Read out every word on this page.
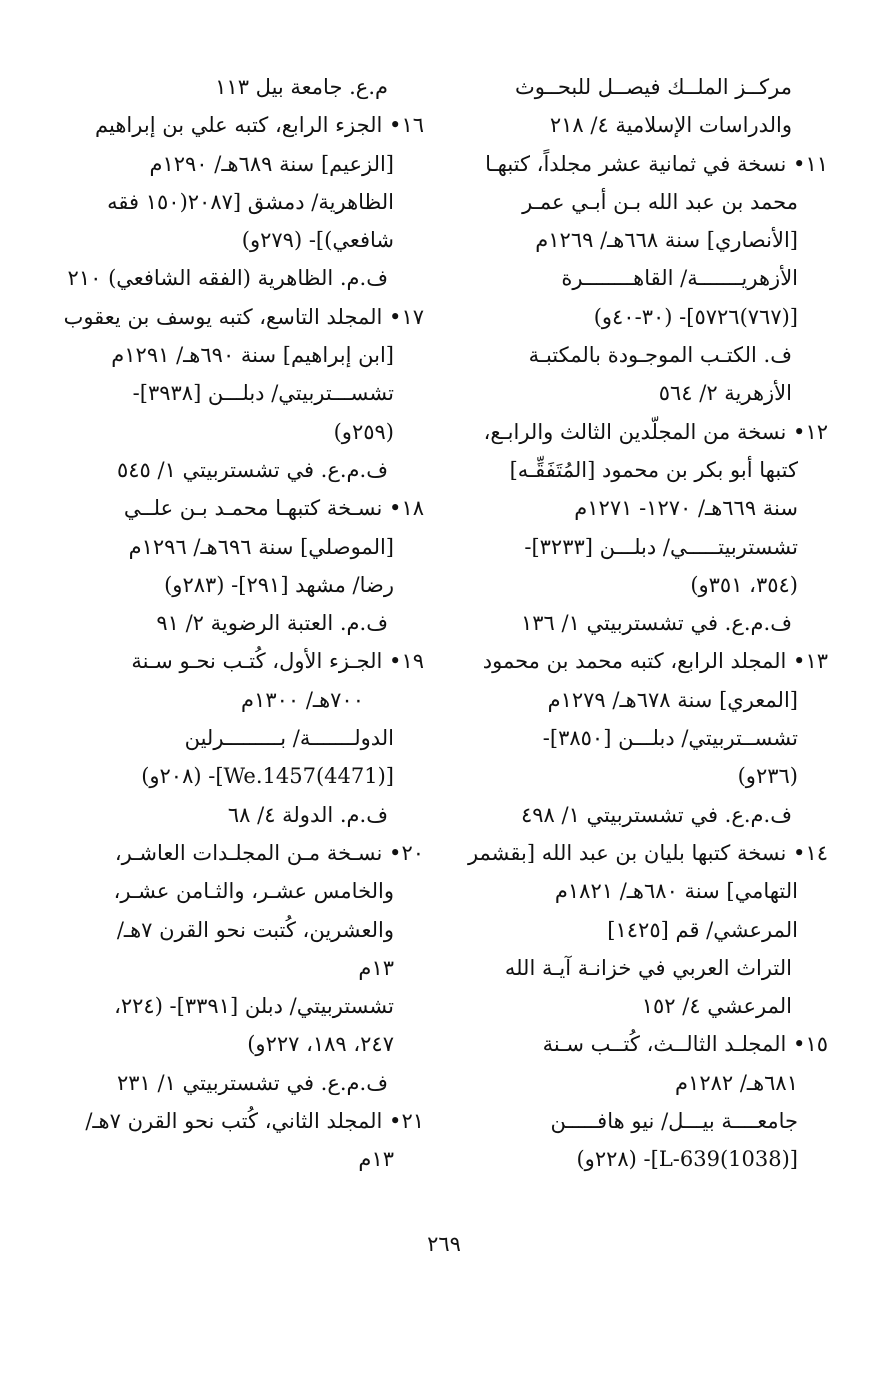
مركــز الملــك فيصــل للبحــوث
والدراسات الإسلامية ٤/ ٢١٨
١١• نسخة في ثمانية عشر مجلداً، كتبهـا
محمد بن عبد الله بـن أبـي عمـر
[الأنصاري] سنة ٦٦٨هـ/ ١٢٦٩م
الأزهريـــــــة/ القاهــــــــرة
[(٧٦٧)٥٧٢٦]- (٣٠-٤٠و)
ف. الكتـب الموجـودة بالمكتبـة
الأزهرية ٢/ ٥٦٤
١٢• نسخة من المجلّدين الثالث والرابـع،
كتبها أبو بكر بن محمود [المُتَفَقِّـه]
سنة ٦٦٩هـ/ ١٢٧٠- ١٢٧١م
تشستربيتـــــي/ دبلـــن [٣٢٣٣]-
(٣٥٤، ٣٥١و)
ف.م.ع. في تشستربيتي ١/ ١٣٦
١٣• المجلد الرابع، كتبه محمد بن محمود
[المعري] سنة ٦٧٨هـ/ ١٢٧٩م
تشســتربيتي/ دبلـــن [٣٨٥٠]-
(٢٣٦و)
ف.م.ع. في تشستربيتي ١/ ٤٩٨
١٤• نسخة كتبها بليان بن عبد الله [بقشمر
التهامي] سنة ٦٨٠هـ/ ١٨٢١م
المرعشي/ قم [١٤٢٥]
التراث العربي في خزانـة آيـة الله
المرعشي ٤/ ١٥٢
١٥• المجلـد الثالــث، كُتــب سـنة
٦٨١هـ/ ١٢٨٢م
جامعــــة بيـــل/ نيو هافـــــن
[L-639(1038)]- (٢٢٨و)
م.ع. جامعة بيل ١١٣
١٦• الجزء الرابع، كتبه علي بن إبراهيم
[الزعيم] سنة ٦٨٩هـ/ ١٢٩٠م
الظاهرية/ دمشق [٢٠٨٧(١٥٠ فقه
شافعي)]- (٢٧٩و)
ف.م. الظاهرية (الفقه الشافعي) ٢١٠
١٧• المجلد التاسع، كتبه يوسف بن يعقوب
[ابن إبراهيم] سنة ٦٩٠هـ/ ١٢٩١م
تشســـتربيتي/ دبلـــن [٣٩٣٨]-
(٢٥٩و)
ف.م.ع. في تشستربيتي ١/ ٥٤٥
١٨• نسـخة كتبهـا محمـد بـن علــي
[الموصلي] سنة ٦٩٦هـ/ ١٢٩٦م
رضا/ مشهد [٢٩١]- (٢٨٣و)
ف.م. العتبة الرضوية ٢/ ٩١
١٩• الجـزء الأول، كُتـب نحـو سـنة
٧٠٠هـ/ ١٣٠٠م
الدولـــــــة/ بـــــــــرلين
[We.1457(4471)]- (٢٠٨و)
ف.م. الدولة ٤/ ٦٨
٢٠• نسـخة مـن المجلـدات العاشـر،
والخامس عشـر، والثـامن عشـر،
والعشرين، كُتبت نحو القرن ٧هـ/
١٣م
تشستربيتي/ دبلن [٣٣٩١]- (٢٢٤،
٢٤٧، ١٨٩، ٢٢٧و)
ف.م.ع. في تشستربيتي ١/ ٢٣١
٢١• المجلد الثاني، كُتب نحو القرن ٧هـ/
١٣م
٢٦٩
